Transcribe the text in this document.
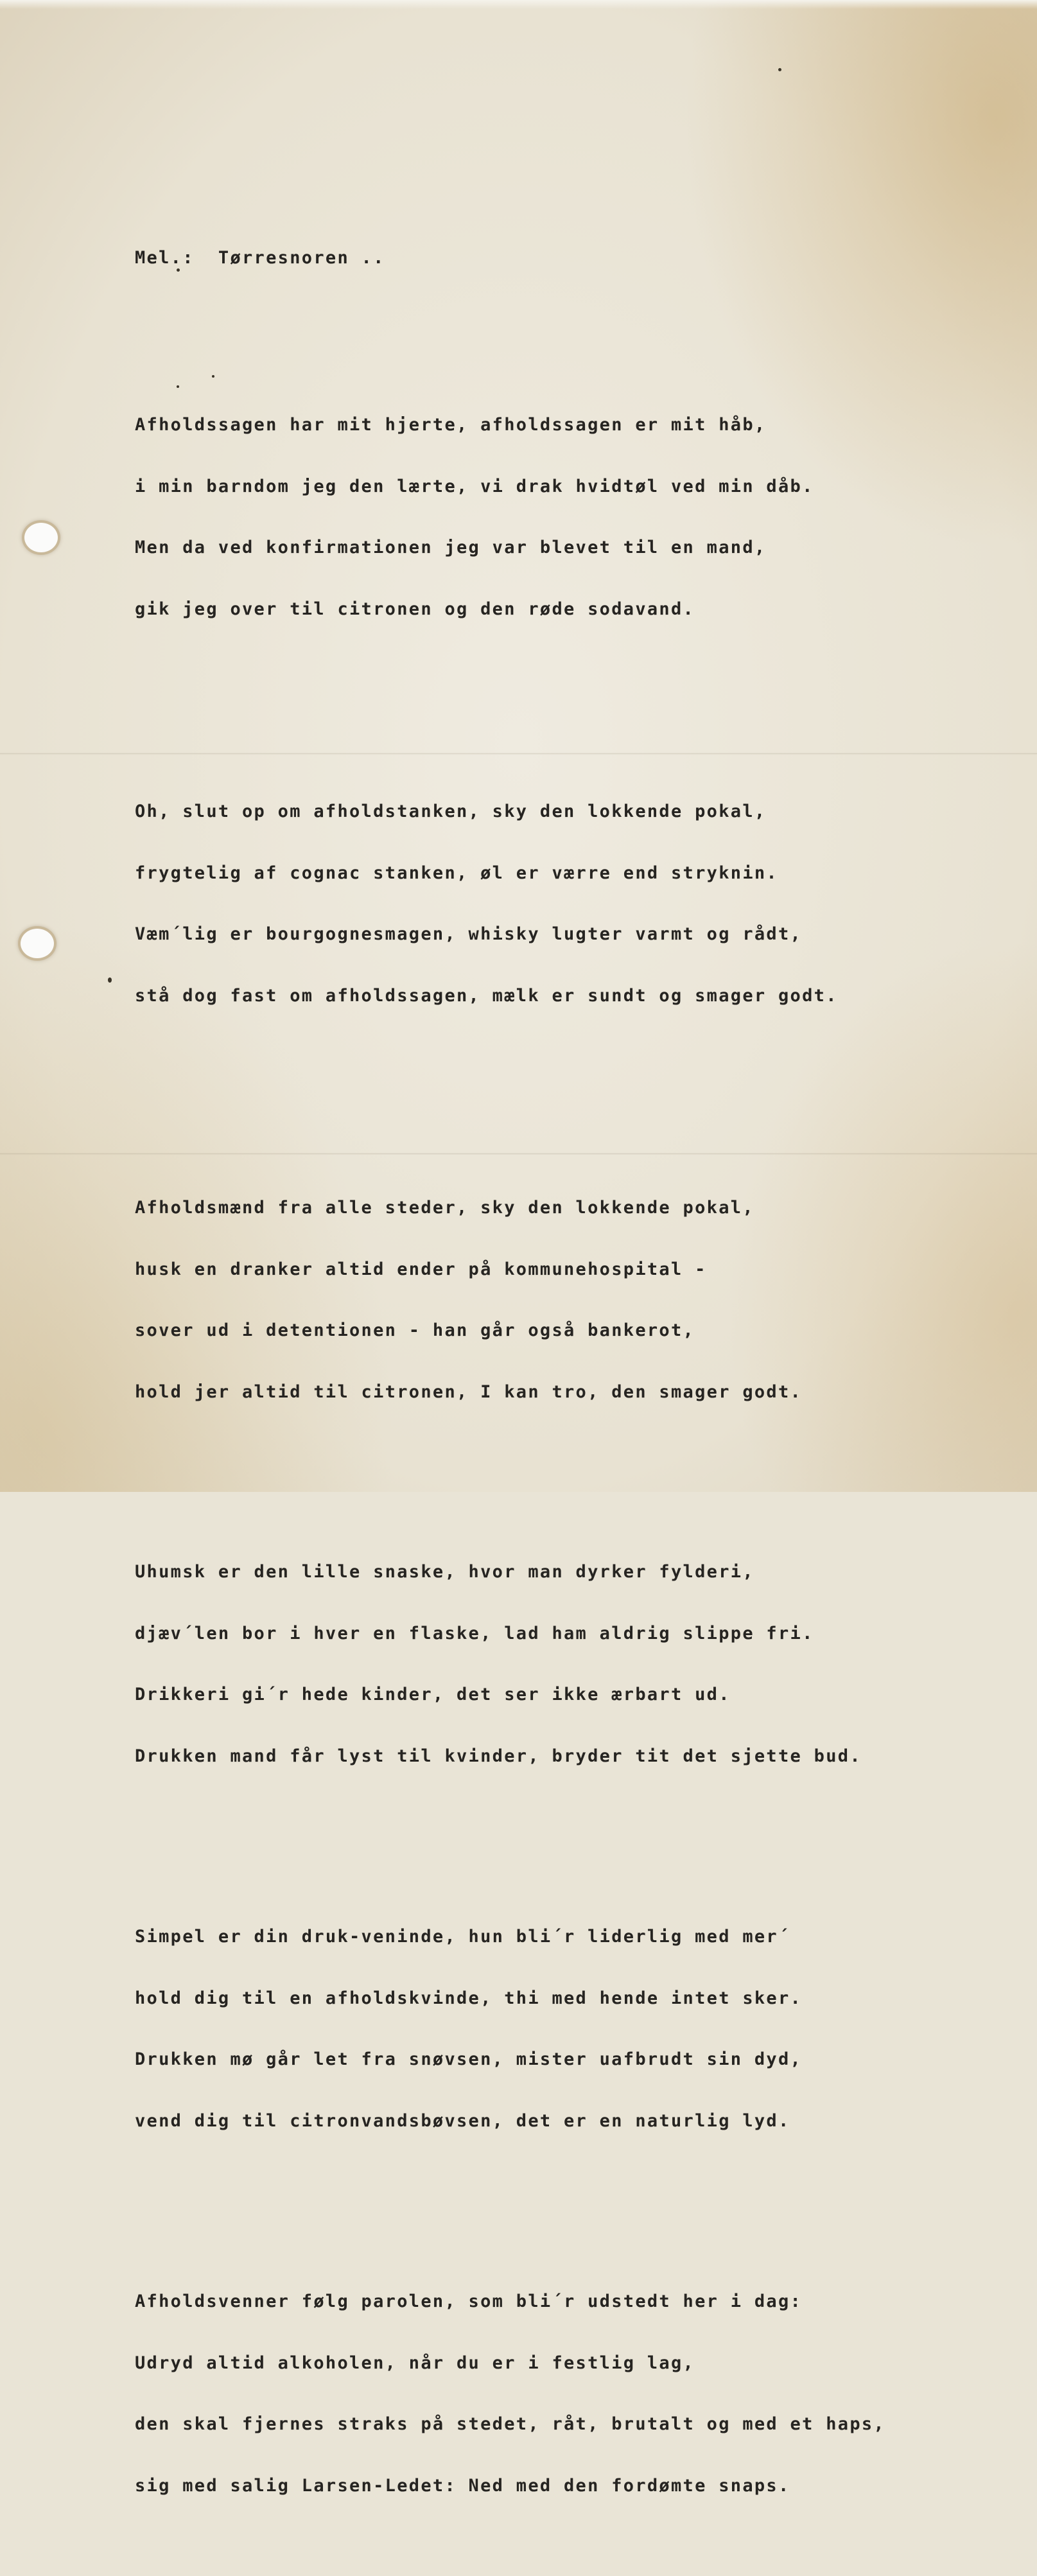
Mel.:  Tørresnoren ..

Afholdssagen har mit hjerte, afholdssagen er mit håb,

i min barndom jeg den lærte, vi drak hvidtøl ved min dåb.

Men da ved konfirmationen jeg var blevet til en mand,

gik jeg over til citronen og den røde sodavand.

Oh, slut op om afholdstanken, sky den lokkende pokal,

frygtelig af cognac stanken, øl er værre end stryknin.

Væm´lig er bourgognesmagen, whisky lugter varmt og rådt,

stå dog fast om afholdssagen, mælk er sundt og smager godt.

Afholdsmænd fra alle steder, sky den lokkende pokal,

husk en dranker altid ender på kommunehospital -

sover ud i detentionen - han går også bankerot,

hold jer altid til citronen, I kan tro, den smager godt.

Uhumsk er den lille snaske, hvor man dyrker fylderi,

djæv´len bor i hver en flaske, lad ham aldrig slippe fri.

Drikkeri gi´r hede kinder, det ser ikke ærbart ud.

Drukken mand får lyst til kvinder, bryder tit det sjette bud.

Simpel er din druk-veninde, hun bli´r liderlig med mer´

hold dig til en afholdskvinde, thi med hende intet sker.

Drukken mø går let fra snøvsen, mister uafbrudt sin dyd,

vend dig til citronvandsbøvsen, det er en naturlig lyd.

Afholdsvenner følg parolen, som bli´r udstedt her i dag:

Udryd altid alkoholen, når du er i festlig lag,

den skal fjernes straks på stedet, råt, brutalt og med et haps,

sig med salig Larsen-Ledet: Ned med den fordømte snaps.
